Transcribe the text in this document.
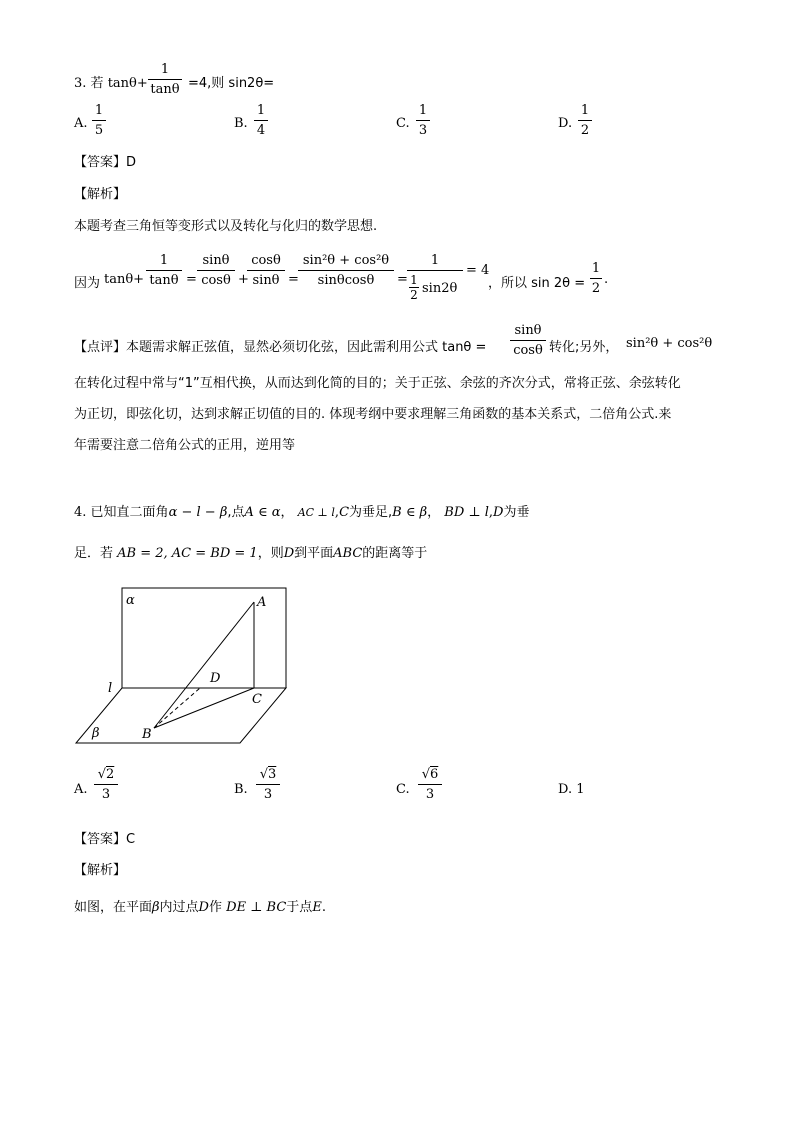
3. 若 tanθ+
1
tanθ =4,则 sin2θ=
A.
1
5	B.
1
4	C.
1
3	D.
1
2
【答案】D
【解析】
本题考查三角恒等变形式以及转化与化归的数学思想.
因为 tanθ+
1
tanθ =
sinθ
cosθ +
cosθ
sinθ =
sin²θ + cos²θ
sinθcosθ	=
1
1
2 sin2θ
= 4
，所以 sin 2θ =
1
2
.
【点评】本题需求解正弦值，显然必须切化弦，因此需利用公式 tanθ =
sinθ
cosθ 转化;另外， sin²θ + cos²θ
在转化过程中常与“1”互相代换，从而达到化简的目的；关于正弦、余弦的齐次分式，常将正弦、余弦转化
为正切，即弦化切，达到求解正切值的目的. 体现考纲中要求理解三角函数的基本关系式，二倍角公式.来
年需要注意二倍角公式的正用，逆用等
4. 已知直二面角α − l − β,点A ∈ α， AC ⊥ l,C为垂足,B ∈ β， BD ⊥ l,D为垂
足．若 AB = 2, AC = BD = 1，则D到平面ABC的距离等于
α	A
l
D
C
β	B
A.
√2
3	B.
√3
3	C.
√6
3	D. 1
【答案】C
【解析】
如图，在平面β内过点D作 DE ⊥ BC于点E.
